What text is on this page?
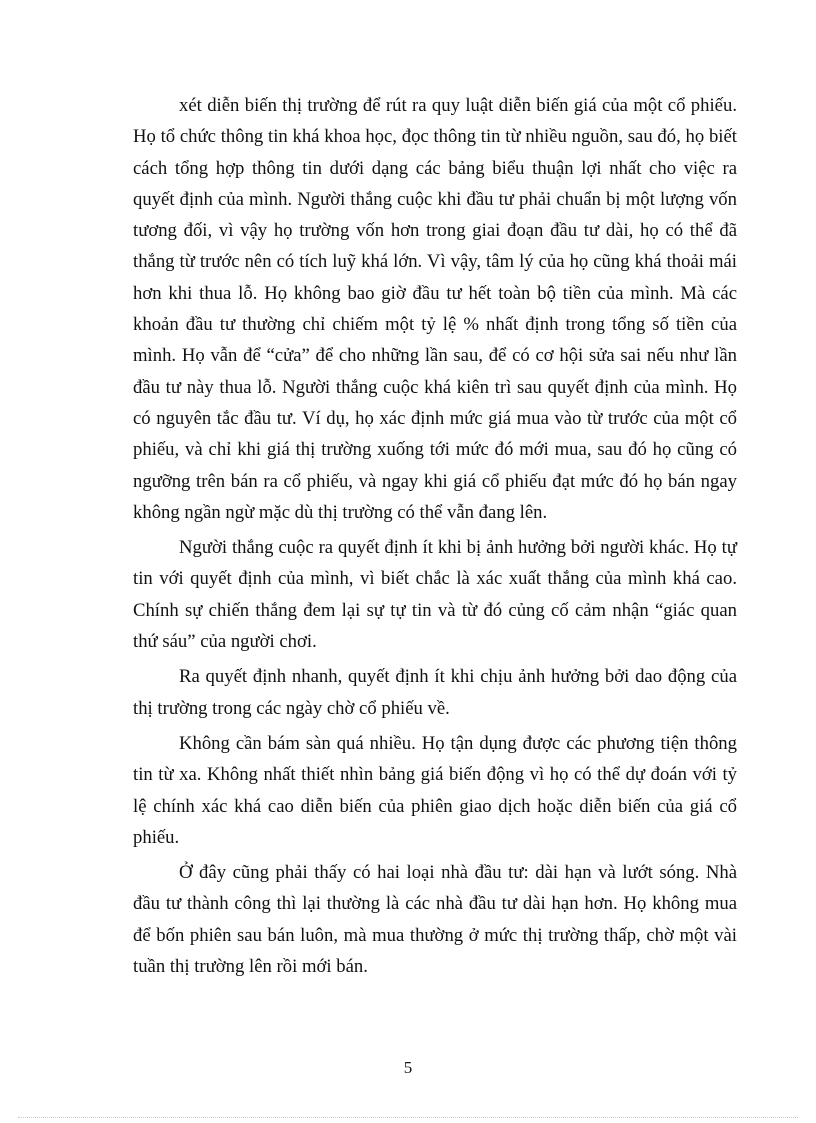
xét diễn biến thị trường để rút ra quy luật diễn biến giá của một cổ phiếu. Họ tổ chức thông tin khá khoa học, đọc thông tin từ nhiều nguồn, sau đó, họ biết cách tổng hợp thông tin dưới dạng các bảng biểu thuận lợi nhất cho việc ra quyết định của mình. Người thắng cuộc khi đầu tư phải chuẩn bị một lượng vốn tương đối, vì vậy họ trường vốn hơn trong giai đoạn đầu tư dài, họ có thể đã thắng từ trước nên có tích luỹ khá lớn. Vì vậy, tâm lý của họ cũng khá thoải mái hơn khi thua lỗ. Họ không bao giờ đầu tư hết toàn bộ tiền của mình. Mà các khoản đầu tư thường chỉ chiếm một tỷ lệ % nhất định trong tổng số tiền của mình. Họ vẫn để “cửa” để cho những lần sau, để có cơ hội sửa sai nếu như lần đầu tư này thua lỗ. Người thắng cuộc khá kiên trì sau quyết định của mình. Họ có nguyên tắc đầu tư. Ví dụ, họ xác định mức giá mua vào từ trước của một cổ phiếu, và chỉ khi giá thị trường xuống tới mức đó mới mua, sau đó họ cũng có ngưỡng trên bán ra cổ phiếu, và ngay khi giá cổ phiếu đạt mức đó họ bán ngay không ngần ngừ mặc dù thị trường có thể vẫn đang lên.

Người thắng cuộc ra quyết định ít khi bị ảnh hưởng bởi người khác. Họ tự tin với quyết định của mình, vì biết chắc là xác xuất thắng của mình khá cao. Chính sự chiến thắng đem lại sự tự tin và từ đó củng cố cảm nhận “giác quan thứ sáu” của người chơi.

Ra quyết định nhanh, quyết định ít khi chịu ảnh hưởng bởi dao động của thị trường trong các ngày chờ cổ phiếu về.

Không cần bám sàn quá nhiều. Họ tận dụng được các phương tiện thông tin từ xa. Không nhất thiết nhìn bảng giá biến động vì họ có thể dự đoán với tỷ lệ chính xác khá cao diễn biến của phiên giao dịch hoặc diễn biến của giá cổ phiếu.

Ở đây cũng phải thấy có hai loại nhà đầu tư: dài hạn và lướt sóng. Nhà đầu tư thành công thì lại thường là các nhà đầu tư dài hạn hơn. Họ không mua để bốn phiên sau bán luôn, mà mua thường ở mức thị trường thấp, chờ một vài tuần thị trường lên rồi mới bán.

5
